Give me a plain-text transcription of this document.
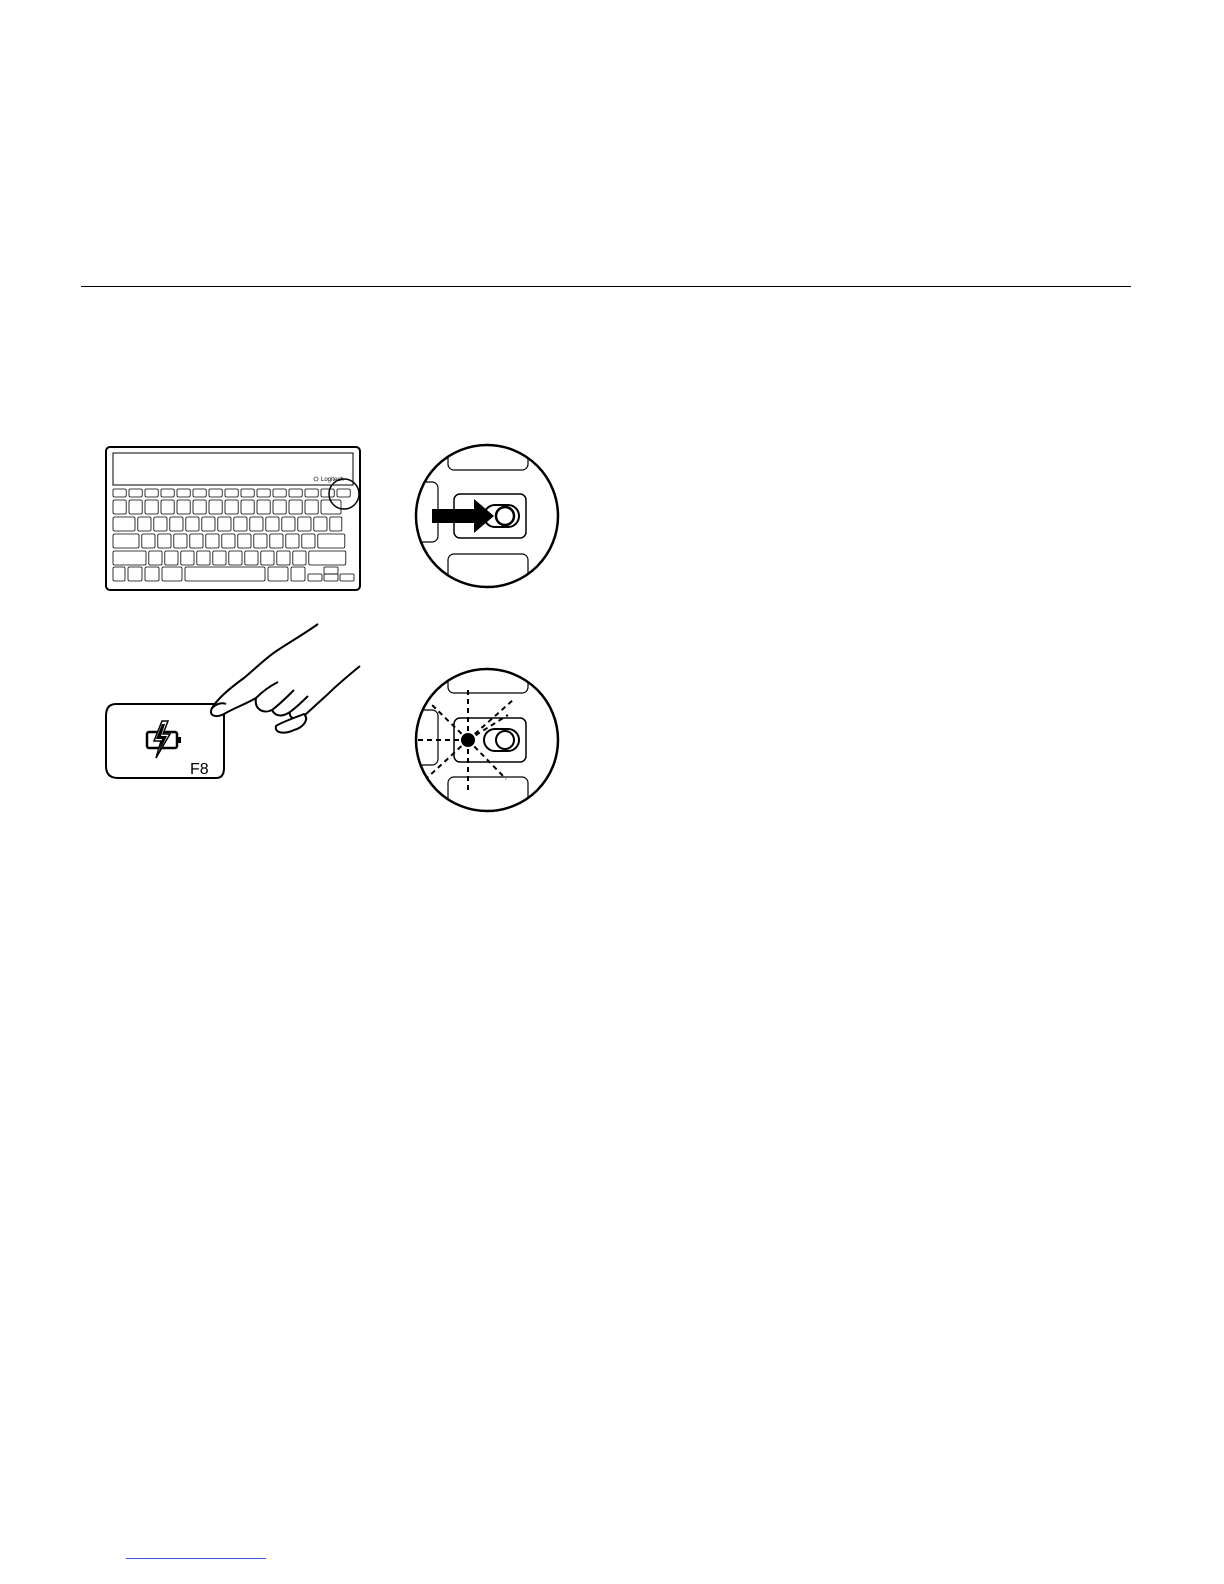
Logitech
F8
